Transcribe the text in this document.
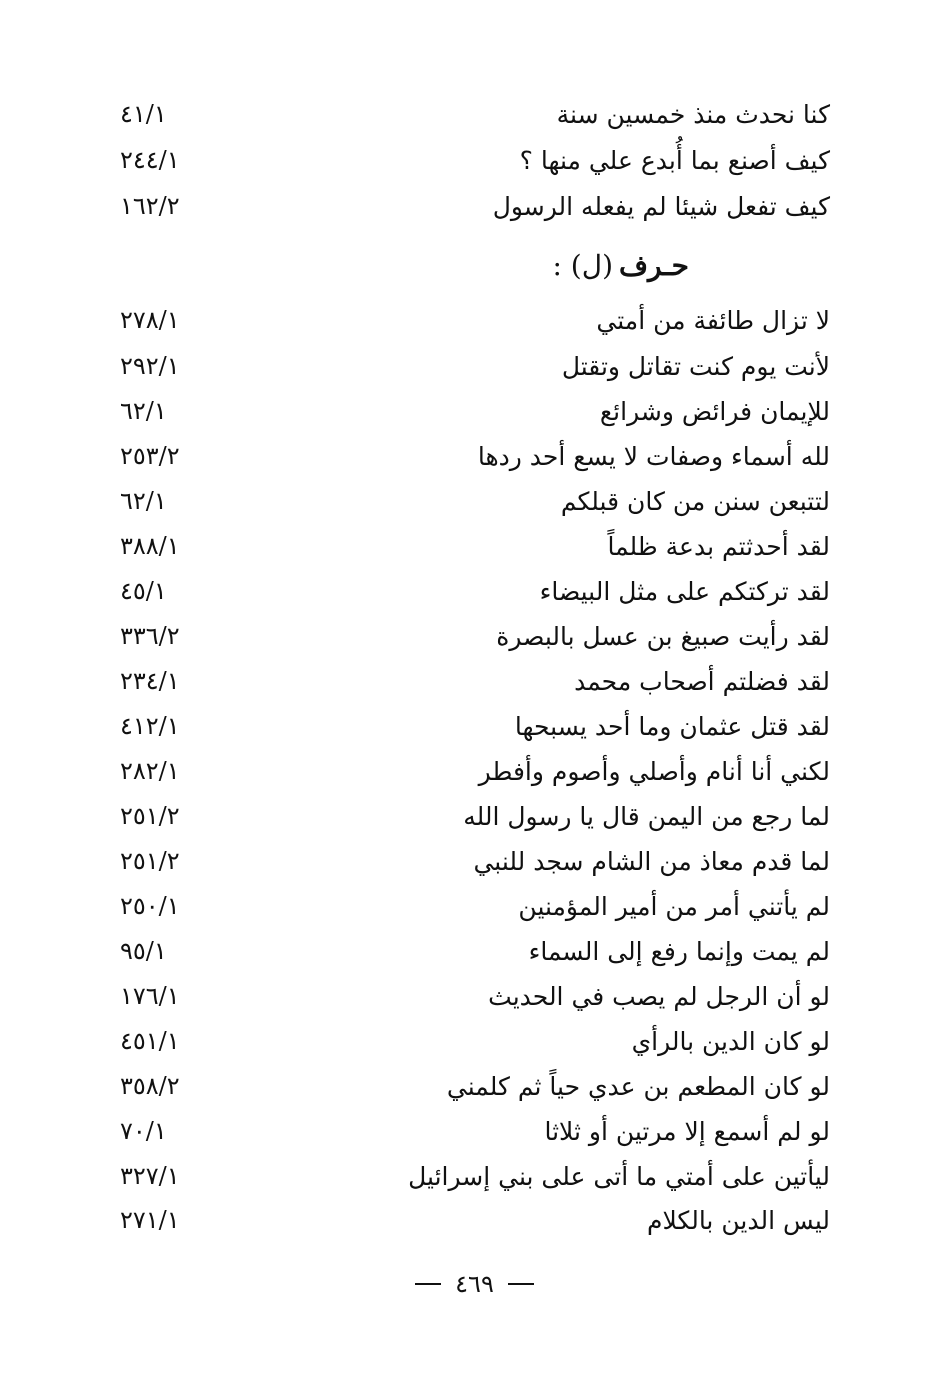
كنا نحدث منذ خمسين سنة
٤١/١
كيف أصنع بما أُبدع علي منها ؟
٢٤٤/١
كيف تفعل شيئا لم يفعله الرسول
١٦٢/٢
حـرف
(ل) :
لا تزال طائفة من أمتي
٢٧٨/١
لأنت يوم كنت تقاتل وتقتل
٢٩٢/١
للإيمان فرائض وشرائع
٦٢/١
لله أسماء وصفات لا يسع أحد ردها
٢٥٣/٢
لتتبعن سنن من كان قبلكم
٦٢/١
لقد أحدثتم بدعة ظلماً
٣٨٨/١
لقد تركتكم على مثل البيضاء
٤٥/١
لقد رأيت صبيغ بن عسل بالبصرة
٣٣٦/٢
لقد فضلتم أصحاب محمد
٢٣٤/١
لقد قتل عثمان وما أحد يسبحها
٤١٢/١
لكني أنا أنام وأصلي وأصوم وأفطر
٢٨٢/١
لما رجع من اليمن قال يا رسول الله
٢٥١/٢
لما قدم معاذ من الشام سجد للنبي
٢٥١/٢
لم يأتني أمر من أمير المؤمنين
٢٥٠/١
لم يمت وإنما رفع إلى السماء
٩٥/١
لو أن الرجل لم يصب في الحديث
١٧٦/١
لو كان الدين بالرأي
٤٥١/١
لو كان المطعم بن عدي حياً ثم كلمني
٣٥٨/٢
لو لم أسمع إلا مرتين أو ثلاثا
٧٠/١
ليأتين على أمتي ما أتى على بني إسرائيل
٣٢٧/١
ليس الدين بالكلام
٢٧١/١
٤٦٩
